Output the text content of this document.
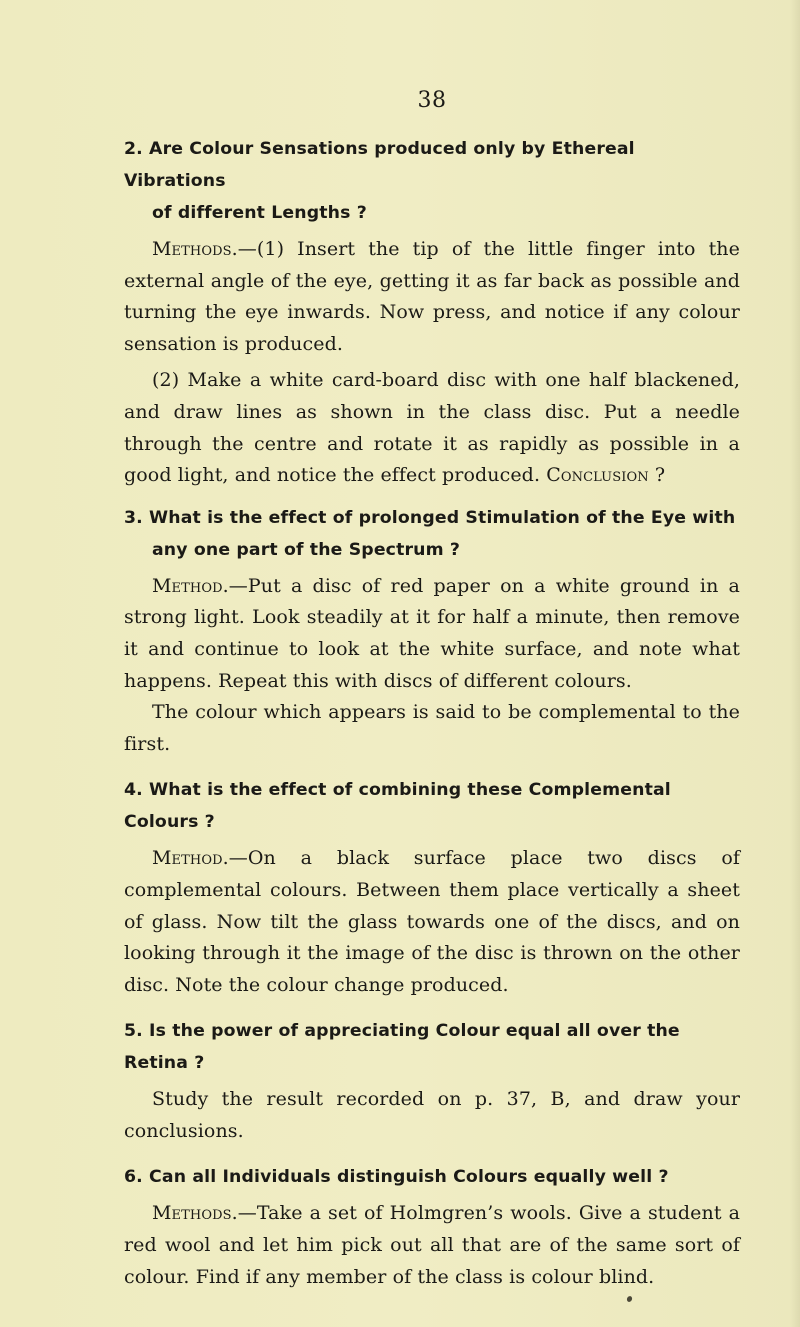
38
2. Are Colour Sensations produced only by Ethereal Vibrations
of different Lengths ?

Methods.—(1) Insert the tip of the little finger into the external angle of the eye, getting it as far back as possible and turning the eye inwards. Now press, and notice if any colour sensation is produced.

(2) Make a white card-board disc with one half blackened, and draw lines as shown in the class disc. Put a needle through the centre and rotate it as rapidly as possible in a good light, and notice the effect produced. Conclusion ?

3. What is the effect of prolonged Stimulation of the Eye with
any one part of the Spectrum ?

Method.—Put a disc of red paper on a white ground in a strong light. Look steadily at it for half a minute, then remove it and continue to look at the white surface, and note what happens. Repeat this with discs of different colours.

The colour which appears is said to be complemental to the first.

4. What is the effect of combining these Complemental Colours ?

Method.—On a black surface place two discs of complemental colours. Between them place vertically a sheet of glass. Now tilt the glass towards one of the discs, and on looking through it the image of the disc is thrown on the other disc. Note the colour change produced.

5. Is the power of appreciating Colour equal all over the Retina ?

Study the result recorded on p. 37, B, and draw your conclusions.

6. Can all Individuals distinguish Colours equally well ?

Methods.—Take a set of Holmgren’s wools. Give a student a red wool and let him pick out all that are of the same sort of colour. Find if any member of the class is colour blind.
